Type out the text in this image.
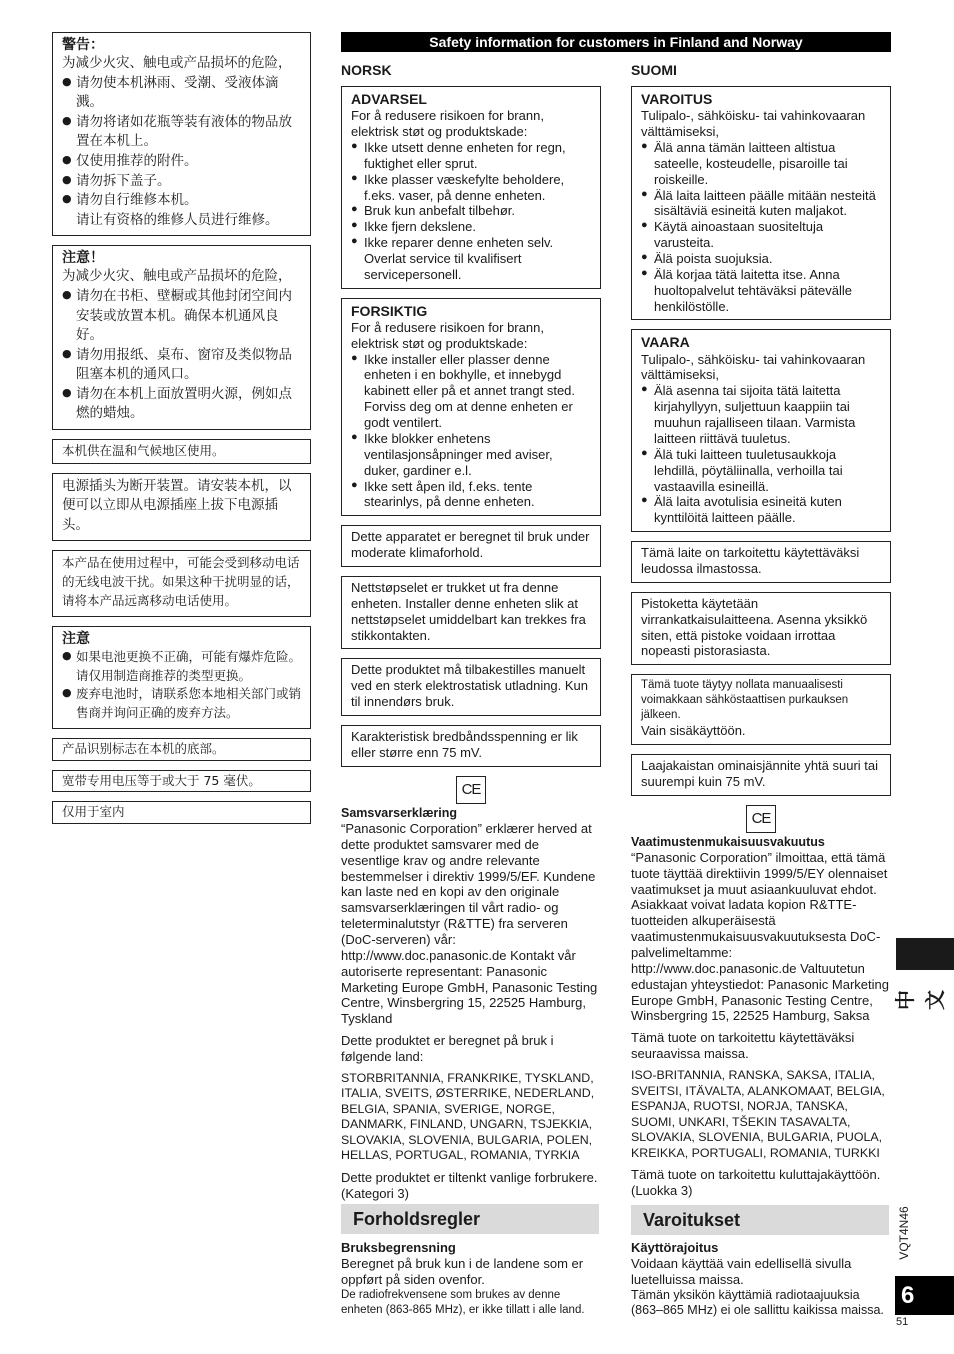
警告：
为减少火灾、触电或产品损坏的危险，
● 请勿使本机淋雨、受潮、受液体滴溅。
● 请勿将诸如花瓶等装有液体的物品放置在本机上。
● 仅使用推荐的附件。
● 请勿拆下盖子。
● 请勿自行维修本机。
请让有资格的维修人员进行维修。
注意！
为减少火灾、触电或产品损坏的危险，
● 请勿在书柜、壁橱或其他封闭空间内安装或放置本机。确保本机通风良好。
● 请勿用报纸、桌布、窗帘及类似物品阻塞本机的通风口。
● 请勿在本机上面放置明火源，例如点燃的蜡烛。
本机供在温和气候地区使用。
电源插头为断开装置。请安装本机，以便可以立即从电源插座上拔下电源插头。
本产品在使用过程中，可能会受到移动电话的无线电波干扰。如果这种干扰明显的话，请将本产品远离移动电话使用。
注意
● 如果电池更换不正确，可能有爆炸危险。请仅用制造商推荐的类型更换。
● 废弃电池时，请联系您本地相关部门或销售商并询问正确的废弃方法。
产品识别标志在本机的底部。
宽带专用电压等于或大于 75 毫伏。
仅用于室内
Safety information for customers in Finland and Norway
NORSK
ADVARSEL
For å redusere risikoen for brann, elektrisk støt og produktskade:
● Ikke utsett denne enheten for regn, fuktighet eller sprut.
● Ikke plasser væskefylte beholdere, f.eks. vaser, på denne enheten.
● Bruk kun anbefalt tilbehør.
● Ikke fjern dekslene.
● Ikke reparer denne enheten selv. Overlat service til kvalifisert servicepersonell.
FORSIKTIG
For å redusere risikoen for brann, elektrisk støt og produktskade:
● Ikke installer eller plasser denne enheten i en bokhylle, et innebygd kabinett eller på et annet trangt sted. Forviss deg om at denne enheten er godt ventilert.
● Ikke blokker enhetens ventilasjonsåpninger med aviser, duker, gardiner e.l.
● Ikke sett åpen ild, f.eks. tente stearinlys, på denne enheten.
Dette apparatet er beregnet til bruk under moderate klimaforhold.
Nettstøpselet er trukket ut fra denne enheten. Installer denne enheten slik at nettstøpselet umiddelbart kan trekkes fra stikkontakten.
Dette produktet må tilbakestilles manuelt ved en sterk elektrostatisk utladning. Kun til innendørs bruk.
Karakteristisk bredbåndsspenning er lik eller større enn 75 mV.
CE
Samsvarserklæring
“Panasonic Corporation” erklærer herved at dette produktet samsvarer med de vesentlige krav og andre relevante bestemmelser i direktiv 1999/5/EF. Kundene kan laste ned en kopi av den originale samsvarserklæringen til vårt radio- og teleterminalutstyr (R&TTE) fra serveren (DoC-serveren) vår: http://www.doc.panasonic.de Kontakt vår autoriserte representant: Panasonic Marketing Europe GmbH, Panasonic Testing Centre, Winsbergring 15, 22525 Hamburg, Tyskland
Dette produktet er beregnet på bruk i følgende land:
STORBRITANNIA, FRANKRIKE, TYSKLAND, ITALIA, SVEITS, ØSTERRIKE, NEDERLAND, BELGIA, SPANIA, SVERIGE, NORGE, DANMARK, FINLAND, UNGARN, TSJEKKIA, SLOVAKIA, SLOVENIA, BULGARIA, POLEN, HELLAS, PORTUGAL, ROMANIA, TYRKIA
Dette produktet er tiltenkt vanlige forbrukere. (Kategori 3)
Forholdsregler
Bruksbegrensning
Beregnet på bruk kun i de landene som er oppført på siden ovenfor.
De radiofrekvensene som brukes av denne enheten (863-865 MHz), er ikke tillatt i alle land.
SUOMI
VAROITUS
Tulipalo-, sähköisku- tai vahinkovaaran välttämiseksi,
● Älä anna tämän laitteen altistua sateelle, kosteudelle, pisaroille tai roiskeille.
● Älä laita laitteen päälle mitään nesteitä sisältäviä esineitä kuten maljakot.
● Käytä ainoastaan suositeltuja varusteita.
● Älä poista suojuksia.
● Älä korjaa tätä laitetta itse. Anna huoltopalvelut tehtäväksi pätevälle henkilöstölle.
VAARA
Tulipalo-, sähköisku- tai vahinkovaaran välttämiseksi,
● Älä asenna tai sijoita tätä laitetta kirjahyllyyn, suljettuun kaappiin tai muuhun rajalliseen tilaan. Varmista laitteen riittävä tuuletus.
● Älä tuki laitteen tuuletusaukkoja lehdillä, pöytäliinalla, verhoilla tai vastaavilla esineillä.
● Älä laita avotulisia esineitä kuten kynttilöitä laitteen päälle.
Tämä laite on tarkoitettu käytettäväksi leudossa ilmastossa.
Pistoketta käytetään virrankatkaisulaitteena. Asenna yksikkö siten, että pistoke voidaan irrottaa nopeasti pistorasiasta.
Tämä tuote täytyy nollata manuaalisesti voimakkaan sähköstaattisen purkauksen jälkeen.
Vain sisäkäyttöön.
Laajakaistan ominaisjännite yhtä suuri tai suurempi kuin 75 mV.
CE
Vaatimustenmukaisuusvakuutus
“Panasonic Corporation” ilmoittaa, että tämä tuote täyttää direktiivin 1999/5/EY olennaiset vaatimukset ja muut asiaankuuluvat ehdot. Asiakkaat voivat ladata kopion R&TTE-tuotteiden alkuperäisestä vaatimustenmukaisuusvakuutuksesta DoC-palvelimeltamme: http://www.doc.panasonic.de Valtuutetun edustajan yhteystiedot: Panasonic Marketing Europe GmbH, Panasonic Testing Centre, Winsbergring 15, 22525 Hamburg, Saksa
Tämä tuote on tarkoitettu käytettäväksi seuraavissa maissa.
ISO-BRITANNIA, RANSKA, SAKSA, ITALIA, SVEITSI, ITÄVALTA, ALANKOMAAT, BELGIA, ESPANJA, RUOTSI, NORJA, TANSKA, SUOMI, UNKARI, TŠEKIN TASAVALTA, SLOVAKIA, SLOVENIA, BULGARIA, PUOLA, KREIKKA, PORTUGALI, ROMANIA, TURKKI
Tämä tuote on tarkoitettu kuluttajakäyttöön. (Luokka 3)
Varoitukset
Käyttörajoitus
Voidaan käyttää vain edellisellä sivulla luetelluissa maissa.
Tämän yksikön käyttämiä radiotaajuuksia (863–865 MHz) ei ole sallittu kaikissa maissa.
中文
VQT4N46
6
51
